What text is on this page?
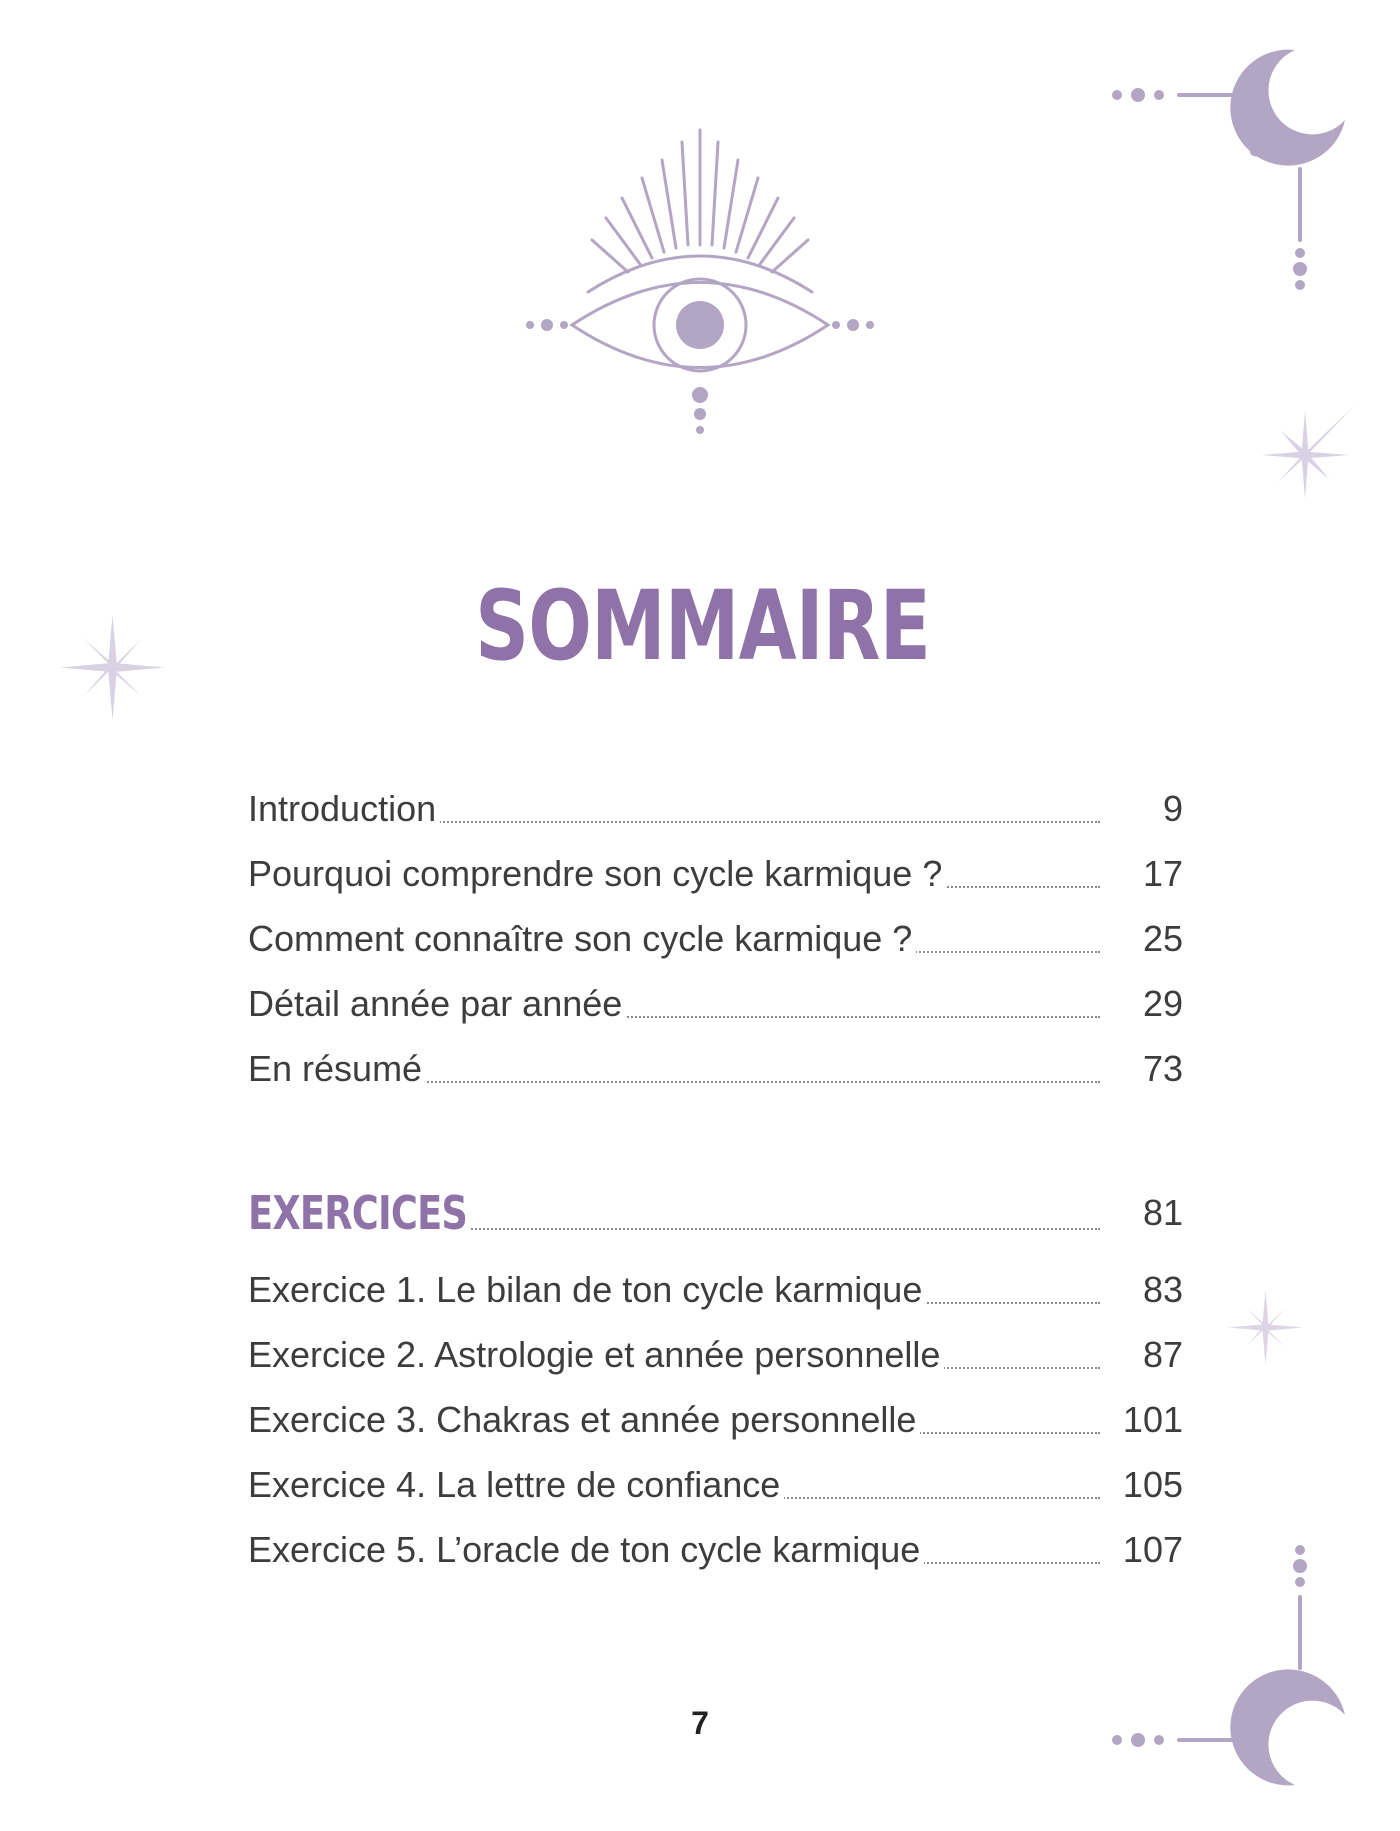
SOMMAIRE
Introduction	9
Pourquoi comprendre son cycle karmique ?	17
Comment connaître son cycle karmique ?	25
Détail année par année	29
En résumé	73
EXERCICES	81
Exercice 1. Le bilan de ton cycle karmique	83
Exercice 2. Astrologie et année personnelle	87
Exercice 3. Chakras et année personnelle	101
Exercice 4. La lettre de confiance	105
Exercice 5. L’oracle de ton cycle karmique	107
7
